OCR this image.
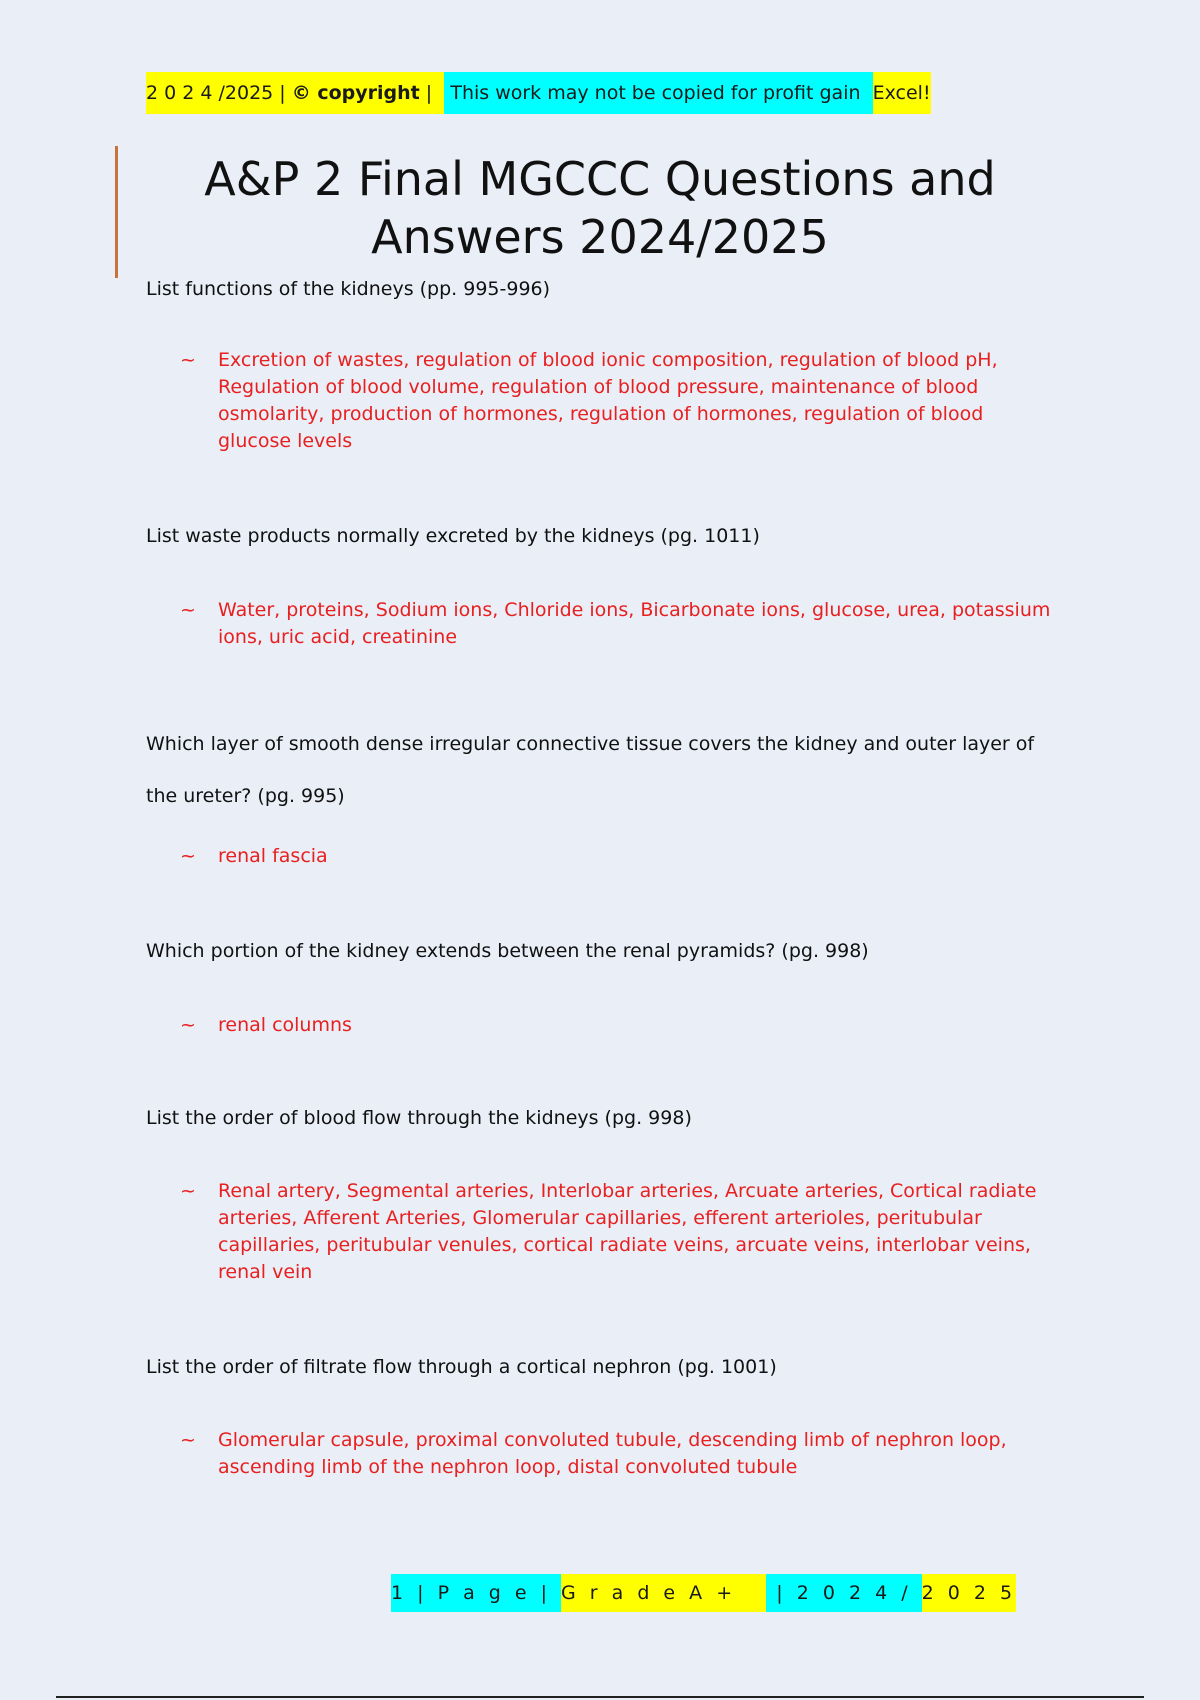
2 0 2 4 /2025 | © copyright | This work may not be copied for profit gain Excel!
A&P 2 Final MGCCC Questions and
Answers 2024/2025
List functions of the kidneys (pp. 995-996)
~ Excretion of wastes, regulation of blood ionic composition, regulation of blood pH, Regulation of blood volume, regulation of blood pressure, maintenance of blood osmolarity, production of hormones, regulation of hormones, regulation of blood glucose levels
List waste products normally excreted by the kidneys (pg. 1011)
~ Water, proteins, Sodium ions, Chloride ions, Bicarbonate ions, glucose, urea, potassium ions, uric acid, creatinine
Which layer of smooth dense irregular connective tissue covers the kidney and outer layer of the ureter? (pg. 995)
~ renal fascia
Which portion of the kidney extends between the renal pyramids? (pg. 998)
~ renal columns
List the order of blood flow through the kidneys (pg. 998)
~ Renal artery, Segmental arteries, Interlobar arteries, Arcuate arteries, Cortical radiate arteries, Afferent Arteries, Glomerular capillaries, efferent arterioles, peritubular capillaries, peritubular venules, cortical radiate veins, arcuate veins, interlobar veins, renal vein
List the order of filtrate flow through a cortical nephron (pg. 1001)
~ Glomerular capsule, proximal convoluted tubule, descending limb of nephron loop, ascending limb of the nephron loop, distal convoluted tubule
1 | P a g e | G r a d e A + | 2 0 2 4 / 2 0 2 5
